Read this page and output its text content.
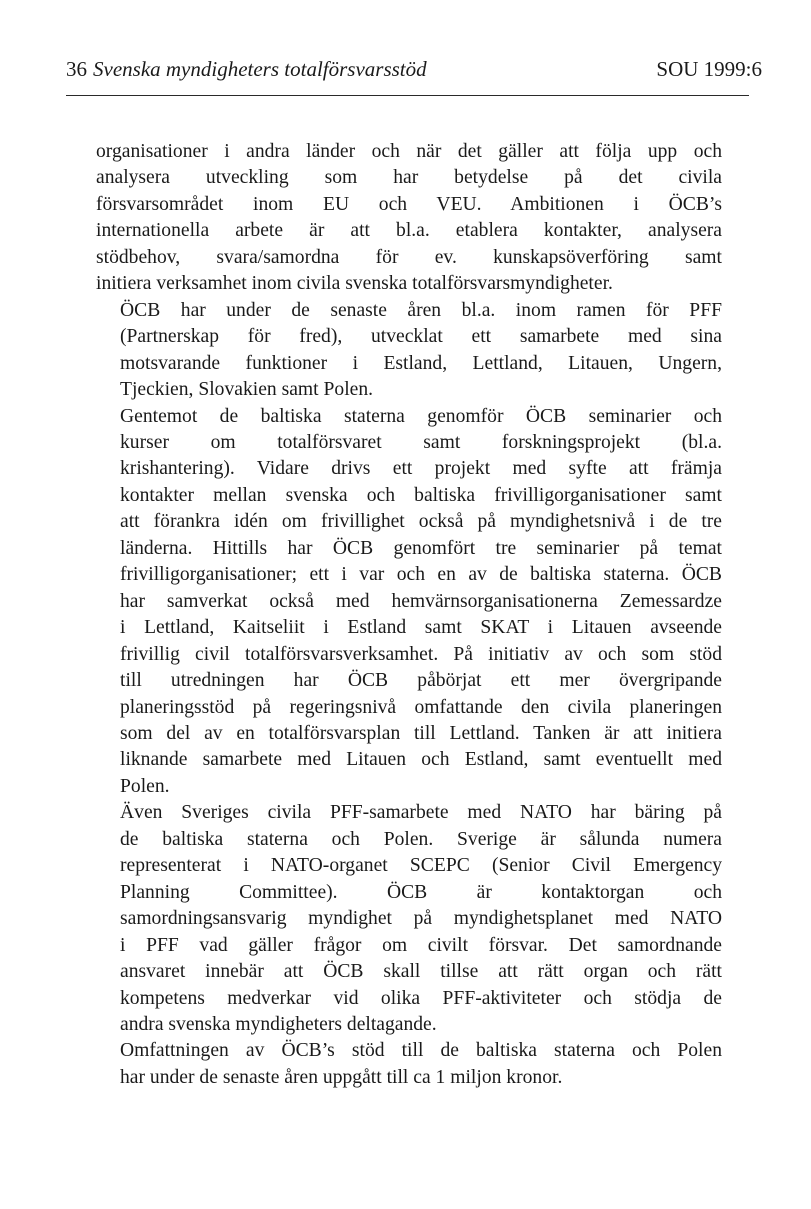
36 Svenska myndigheters totalförsvarsstöd	SOU 1999:6

organisationer i andra länder och när det gäller att följa upp och
analysera utveckling som har betydelse på det civila
försvarsområdet inom EU och VEU. Ambitionen i ÖCB’s
internationella arbete är att bl.a. etablera kontakter, analysera
stödbehov, svara/samordna för ev. kunskapsöverföring samt
initiera verksamhet inom civila svenska totalförsvarsmyndigheter.

ÖCB har under de senaste åren bl.a. inom ramen för PFF
(Partnerskap för fred), utvecklat ett samarbete med sina
motsvarande funktioner i Estland, Lettland, Litauen, Ungern,
Tjeckien, Slovakien samt Polen.

Gentemot de baltiska staterna genomför ÖCB seminarier och
kurser om totalförsvaret samt forskningsprojekt (bl.a.
krishantering). Vidare drivs ett projekt med syfte att främja
kontakter mellan svenska och baltiska frivilligorganisationer samt
att förankra idén om frivillighet också på myndighetsnivå i de tre
länderna. Hittills har ÖCB genomfört tre seminarier på temat
frivilligorganisationer; ett i var och en av de baltiska staterna. ÖCB
har samverkat också med hemvärnsorganisationerna Zemessardze
i Lettland, Kaitseliit i Estland samt SKAT i Litauen avseende
frivillig civil totalförsvarsverksamhet. På initiativ av och som stöd
till utredningen har ÖCB påbörjat ett mer övergripande
planeringsstöd på regeringsnivå omfattande den civila planeringen
som del av en totalförsvarsplan till Lettland. Tanken är att initiera
liknande samarbete med Litauen och Estland, samt eventuellt med
Polen.

Även Sveriges civila PFF-samarbete med NATO har bäring på
de baltiska staterna och Polen. Sverige är sålunda numera
representerat i NATO-organet SCEPC (Senior Civil Emergency
Planning Committee). ÖCB är kontaktorgan och
samordningsansvarig myndighet på myndighetsplanet med NATO
i PFF vad gäller frågor om civilt försvar. Det samordnande
ansvaret innebär att ÖCB skall tillse att rätt organ och rätt
kompetens medverkar vid olika PFF-aktiviteter och stödja de
andra svenska myndigheters deltagande.

Omfattningen av ÖCB’s stöd till de baltiska staterna och Polen
har under de senaste åren uppgått till ca 1 miljon kronor.
